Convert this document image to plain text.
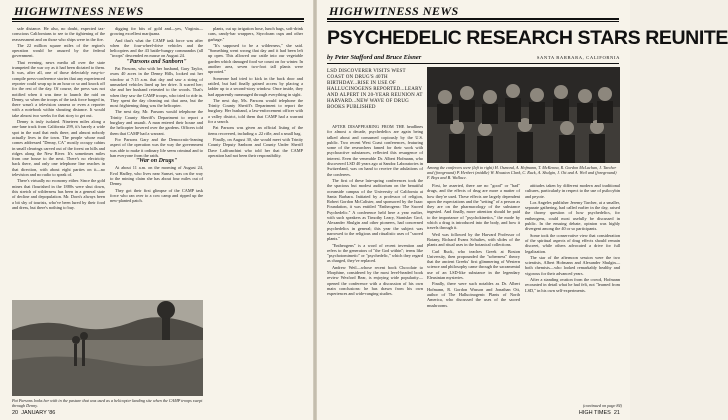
HIGHWITNESS NEWS

safe distance. He also, no doubt, expected tax-conscious Californians to see to the tightening of the reassessment and on those who ships were in the fire.

The 22 million square miles of the region's operation would be assured by the federal government.

That evening, news media all over the state trumpeted the war cry as it had been dictated to them. It was, after all, one of those delectably easy-to-compile press-conference stories that any experienced reporter could wrap up in an hour or so and knock off for the rest of the day. Of course, the press was not notified when it was time to launch the raid on Denny, so when the troops of the task force barged in, there wasn't a television camera or even a reporter with a notebook within shouting distance. It would take almost two weeks for that story to get out.

Denny is truly isolated. Nineteen miles along a one-lane track from California 299, it's barely a wide spot in the road that ends there, and almost nobody actually lives in the town. The people whose mail comes addressed "Denny, CA" mostly occupy cabins in small clearings carved out of the forest on hills and ridges along the New River. It's sometimes miles from one house to the next. There's no electricity back there, and only one telephone line reaches in that direction, with about eight parties on it—no television and no radio to speak of.

There's virtually no economy either. Since the gold mines that flourished in the 1880s were shut down, this stretch of wilderness has been in a general state of decline and depopulation. Mr. Dorn's always been a bit shy of tourists, who've been lured by their food and dress, but there's nothing to buy.

digging for bits of gold and—yes, Virginia—growing excellent marijuana.

And that's what the CAMP task force was after when the four-wheel-drive vehicles and the helicopters and the 43 battle-hungry commandos (all "troops" descended en masse on August 24.

"Parsons and Sanborn"

Pat Parsons, who with her husband, Gary Taylor, owns 40 acres in the Denny Hills, looked out her window at 7:15 a.m. that day and saw a string of unmarked vehicles lined up her drive. It scared her; she and her husband retreated to the woods. That's when they saw the CAMP troops, who tried to ride in. They spent the day cleaning out that area, but the most frightening thing was the helicopter.

The next day, Mr. Parsons would telephone the Trinity County Sheriff's Department to report a burglary and assault. A man entered their house and the helicopter hovered over the gardens. Officers told them that CAMP had a warrant.

For Parsons Gary and the Democratic-leaning aspect of the operation was the way the government was able to make it ordinary life seem criminal and to ban everyone from the raids.

"War on Drugs"

At about 11 a.m. on the morning of August 24, Evol Hadley, who lives near Sunset, was on the way to the mining claim she has about four miles out of Denny.

They got their first glimpse of the CAMP task force who ran over to a cow camp and ripped up the new-planted patch.

plants, cut up irrigation hose, lunch bags, soft-drink cans, candy-bar wrappers, Styrofoam cups and other garbage."

"It's supposed to be a wilderness," she said. "Something went wrong that day and it had been left up open. This allowed our cattle into our vegetable garden which damaged food we count on for winter. In another area, seven two-foot tall plants were uprooted."

Someone had tried to kick in the back door and rattled, but had finally gained access by placing a ladder up to a second-story window. Once inside, they had apparently rummaged through everything in sight.

The next day, Ms. Parsons would telephone the Trinity County Sheriff's Department to report the burglary. Her husband, a law-enforcement officer with a valley district, told them that CAMP had a warrant for a search.

Pat Parsons was given an official listing of the items recovered, including a .22 rifle, and a small bag.

Finally, on August 30, she would meet with Trinity County Deputy Sanborn and County Under Sheriff Dave Laffranchini who told her that the CAMP operation had not been their responsibility.

Pat Parsons looks her with in the pasture that was used as a helicopter landing site when the CAMP troops swept through Denny.
20 JANUARY '86
HIGHWITNESS NEWS
PSYCHEDELIC RESEARCH STARS REUNITE
by Peter Stafford and Bruce Eisner	SANTA BARBARA, CALIFORNIA
LSD DISCOVERER VISITS WEST COAST ON DRUG'S 40TH BIRTHDAY...RISE IN USE OF HALLUCINOGENS REPORTED...LEARY AND ALPERT IN 20-YEAR REUNION AT HARVARD...NEW WAVE OF DRUG BOOKS PUBLISHED

AFTER DISAPPEARING FROM THE headlines for almost a decade, psychedelics are again being talked about and consumed copiously by the U.S. public. Two recent West Coast conferences, featuring some of the researchers famed for their work with psychoactive substances, reflected this resurgence of interest. Even the venerable Dr. Albert Hofmann, who discovered LSD 40 years ago at Sandoz Laboratories in Switzerland, was on hand to receive the adulations of the conferees.

The first of these late-spring conferences took the the spacious but modest auditorium on the beautiful oceanside campus of the University of California at Santa Barbara. Initiated by a professor of religion, Robert Gordon McCalister, and sponsored by the Isaac Foundation, it was entitled "Entheogens: The Sacred Psychedelic." A conference held here a year earlier, with such speakers as Timothy Leary, Stanislav Grof, Alexander Shulgin and other pioneers, had concerned psychedelics in general; this year the subject was narrowed to the religious and ritualistic uses of "sacred plants."

"Entheogens" is a word of recent invention and refers to the generators of "the God within"; terms like "psychotomimetic" or "psychedelic," which they regard as charged, they've replaced.

Andrew Weil—whose recent book Chocolate to Morphine, considered by the most level-headed book review Wexford Bear, is enjoying wide popularity—opened the conference with a discussion of his own main conclusions: he has drawn from his own experiences and wide-ranging studies.

Among the conferees were (left to right) H. Osmond, A. Hofmann, T. McKenna, R. Gordon McLachan, J. Tarcher and (foreground) P. Herbert (middle) W. Houston Clark, C. Ruck, A. Shulgin, J. Ott and A. Weil and (foreground) F. Boys and B. Wallace.

First, he asserted, there are no "good" or "bad" drugs, and the effects of drug are more a matter of how they're used. These effects are largely dependent upon the expectations and the "setting" of a person as they are on the pharmacology of the substance ingested. And finally, more attention should be paid to the importance of "psychokinetics," the mode by which a drug is introduced into the body, and how it travels through it.

Weil was followed by the Harvard Professor of Botany, Richard Evans Schultes, with slides of the plants and ritual uses in the botanical collections.

Carl Ruck, who teaches Greek at Boston University, then propounded the "soberness" theory that the ancient Greeks' first glimmering of Western science and philosophy came through the sacramental use of an LSD-like substance in the legendary Eleusinian mysteries.

Finally, there were such notables as Dr. Albert Hofmann, R. Gordon Wasson and Jonathan Ott, author of The Hallucinogenic Plants of North America, who discussed the uses of the sacred mushrooms.

attitudes taken by different modern and traditional cultures, particularly in respect to the use of psilocybin and peyote.

Los Angeles publisher Jeremy Tarcher, at a smaller, separate gathering, had called earlier in the day, raised the thorny question of how psychedelics, for entheogens, could most usefully be discussed in public. In the ensuing debate, opinion was highly divergent among the 40 or so participants.

Some took the conservative view that consideration of the spiritual aspects of drug effects should remain discreet, while others advocated a drive for full legalization.

The star of the afternoon session were the two scientists, Albert Hofmann and Alexander Shulgin—both chemists—who looked remarkably healthy and vigorous for their advanced years.

After a standing ovation from the crowd, Hofmann recounted in detail what he had felt, not "learned from LSD," in his own self-experiments.

(continued on page 84)
HIGH TIMES 21
